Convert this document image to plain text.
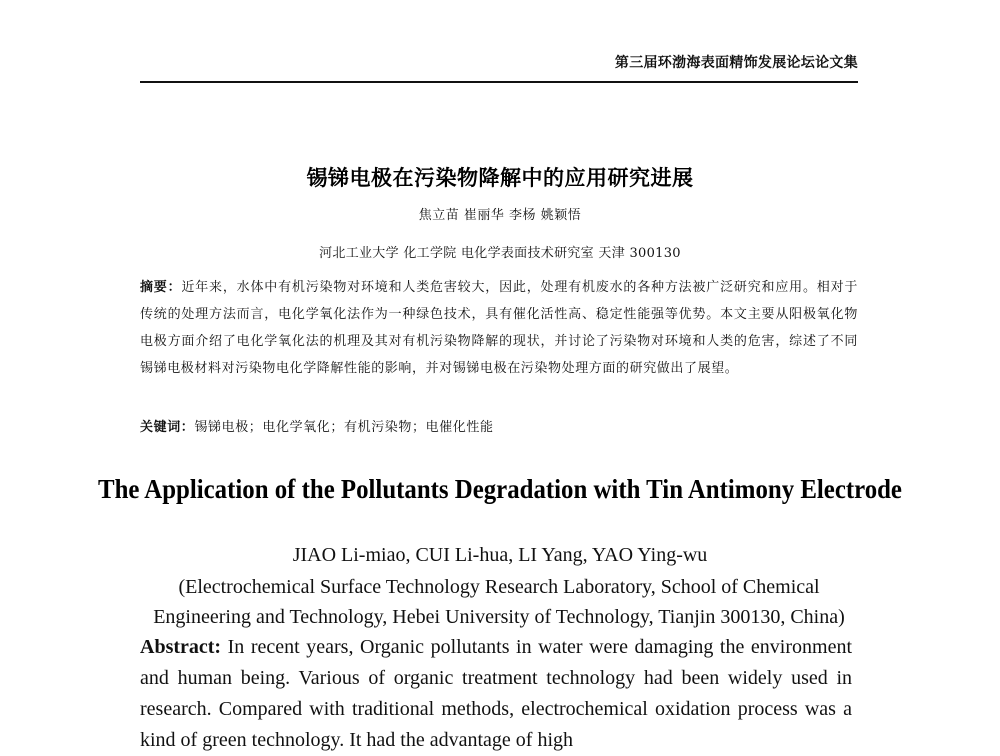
第三届环渤海表面精饰发展论坛论文集
锡锑电极在污染物降解中的应用研究进展
焦立苗 崔丽华 李杨 姚颖悟
河北工业大学 化工学院 电化学表面技术研究室 天津 300130
摘要：近年来，水体中有机污染物对环境和人类危害较大，因此，处理有机废水的各种方法被广泛研究和应用。相对于传统的处理方法而言，电化学氧化法作为一种绿色技术，具有催化活性高、稳定性能强等优势。本文主要从阳极氧化物电极方面介绍了电化学氧化法的机理及其对有机污染物降解的现状，并讨论了污染物对环境和人类的危害，综述了不同锡锑电极材料对污染物电化学降解性能的影响，并对锡锑电极在污染物处理方面的研究做出了展望。
关键词：锡锑电极；电化学氧化；有机污染物；电催化性能
The Application of the Pollutants Degradation with Tin Antimony Electrode
JIAO Li-miao, CUI Li-hua, LI Yang, YAO Ying-wu
(Electrochemical Surface Technology Research Laboratory, School of Chemical Engineering and Technology, Hebei University of Technology, Tianjin 300130, China)
Abstract: In recent years, Organic pollutants in water were damaging the environment and human being. Various of organic treatment technology had been widely used in research. Compared with traditional methods, electrochemical oxidation process was a kind of green technology. It had the advantage of high
